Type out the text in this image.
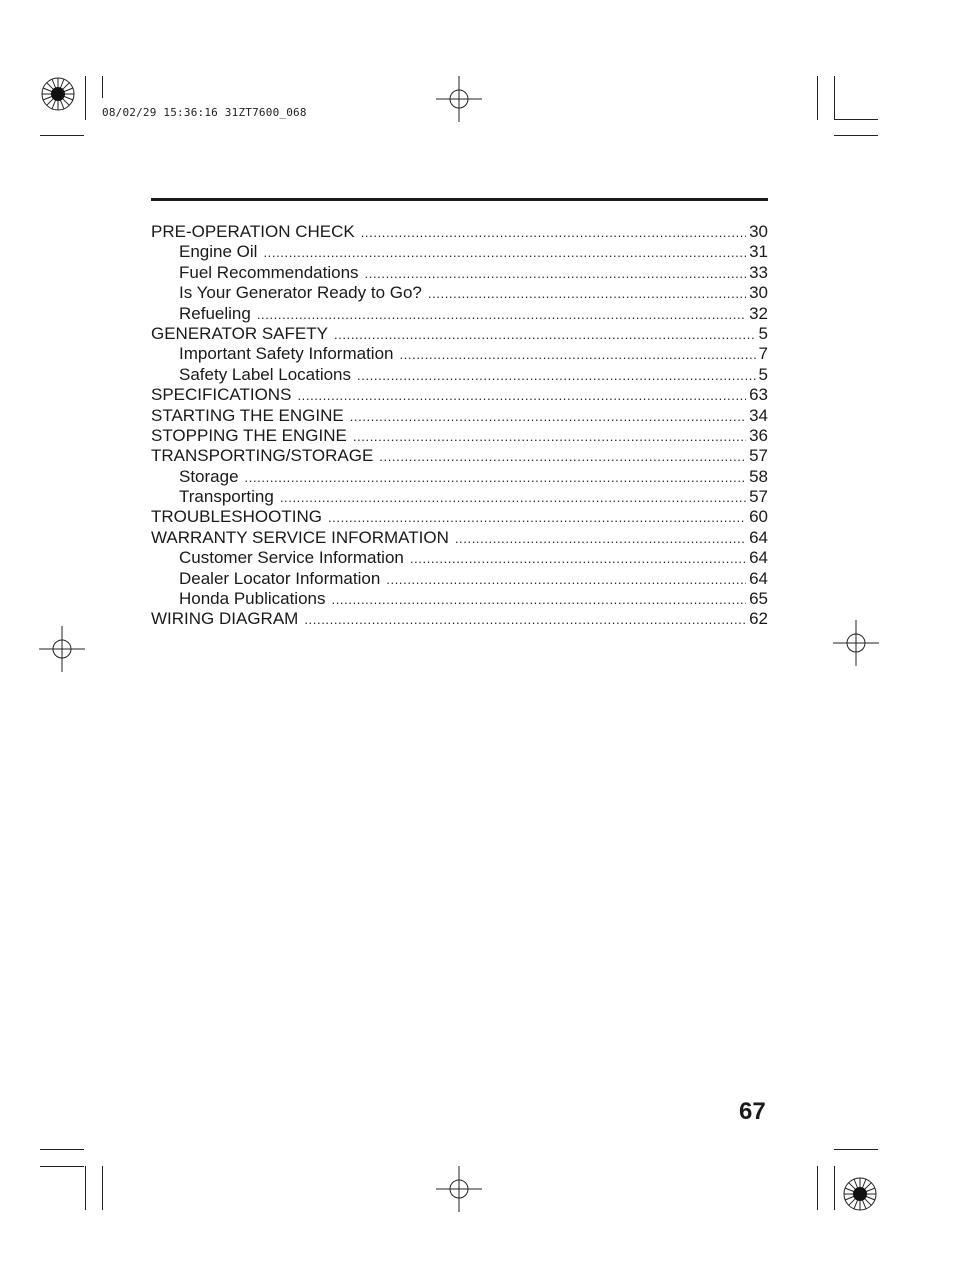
08/02/29 15:36:16 31ZT7600_068
PRE-OPERATION CHECK .....	30
Engine Oil .....	31
Fuel Recommendations .....	33
Is Your Generator Ready to Go? .....	30
Refueling .....	32
GENERATOR SAFETY .....	5
Important Safety Information .....	7
Safety Label Locations .....	5
SPECIFICATIONS .....	63
STARTING THE ENGINE .....	34
STOPPING THE ENGINE .....	36
TRANSPORTING/STORAGE .....	57
Storage .....	58
Transporting .....	57
TROUBLESHOOTING .....	60
WARRANTY SERVICE INFORMATION .....	64
Customer Service Information .....	64
Dealer Locator Information .....	64
Honda Publications .....	65
WIRING DIAGRAM .....	62
67
